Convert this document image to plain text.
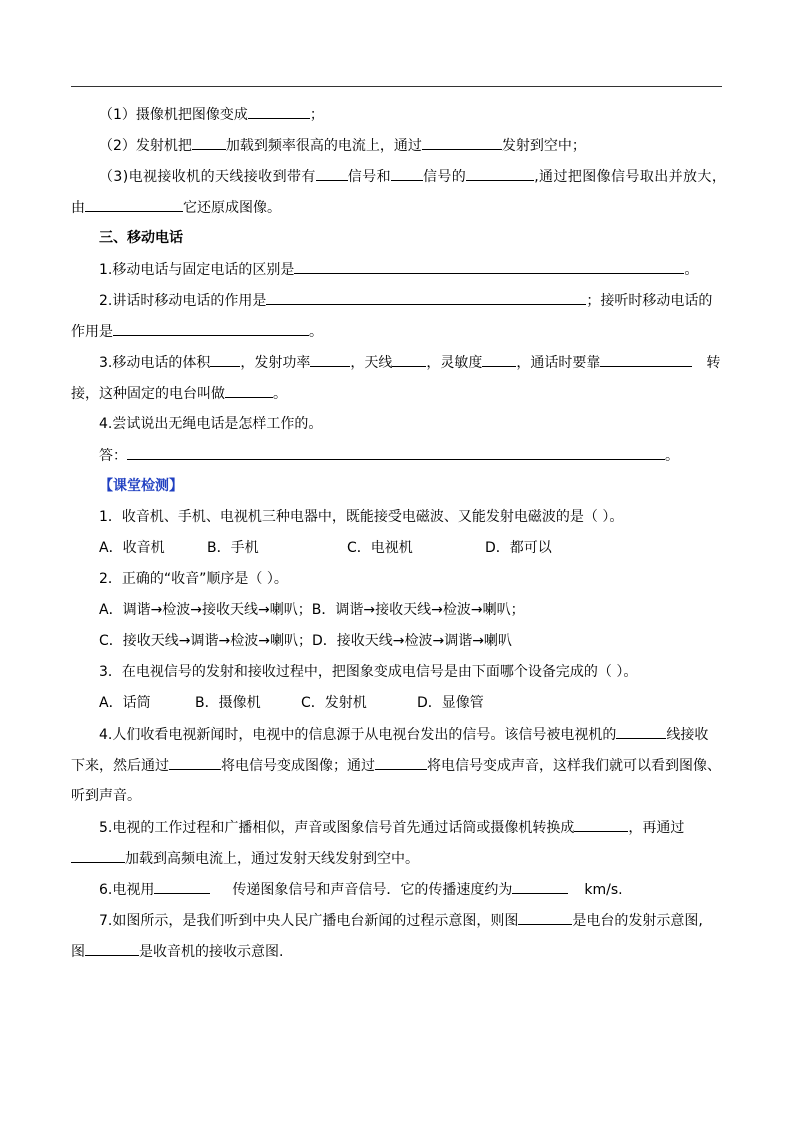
（1）摄像机把图像变成	；
（2）发射机把 加载到频率很高的电流上，通过	发射到空中；
（3)电视接收机的天线接收到带有 信号和 信号的	,通过把图像信号取出并放大，
由	它还原成图像。
三、移动电话
1.移动电话与固定电话的区别是	。
2.讲话时移动电话的作用是	；接听时移动电话的
作用是	。
3.移动电话的体积 ，发射功率	，天线 ，灵敏度 ，通话时要靠	转
接，这种固定的电台叫做	。
4.尝试说出无绳电话是怎样工作的。
答：	。
【课堂检测】
1．收音机、手机、电视机三种电器中，既能接受电磁波、又能发射电磁波的是（ ）。
A．收音机	B．手机	C．电视机	D．都可以
2．正确的“收音”顺序是（ ）。
A．调谐→检波→接收天线→喇叭；B．调谐→接收天线→检波→喇叭；
C．接收天线→调谐→检波→喇叭；D．接收天线→检波→调谐→喇叭
3．在电视信号的发射和接收过程中，把图象变成电信号是由下面哪个设备完成的（ ）。
A．话筒	B．摄像机	C．发射机	D．显像管
4.人们收看电视新闻时，电视中的信息源于从电视台发出的信号。该信号被电视机的	线接收
下来，然后通过	将电信号变成图像；通过	将电信号变成声音，这样我们就可以看到图像、
听到声音。
5.电视的工作过程和广播相似，声音或图象信号首先通过话筒或摄像机转换成	，再通过
加载到高频电流上，通过发射天线发射到空中。
6.电视用	传递图象信号和声音信号．它的传播速度约为	km/s.
7.如图所示，是我们听到中央人民广播电台新闻的过程示意图，则图	是电台的发射示意图,
图	是收音机的接收示意图.
